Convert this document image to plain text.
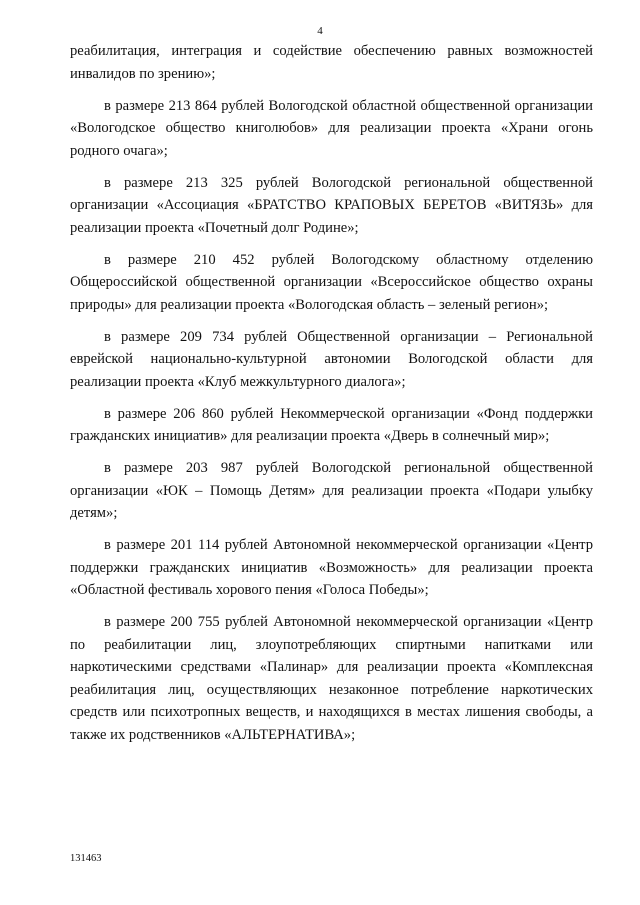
4

реабилитация, интеграция и содействие обеспечению равных возможностей инвалидов по зрению»;

в размере 213 864 рублей Вологодской областной общественной организации «Вологодское общество книголюбов» для реализации проекта «Храни огонь родного очага»;

в размере 213 325 рублей Вологодской региональной общественной организации «Ассоциация «БРАТСТВО КРАПОВЫХ БЕРЕТОВ «ВИТЯЗЬ» для реализации проекта «Почетный долг Родине»;

в размере 210 452 рублей Вологодскому областному отделению Общероссийской общественной организации «Всероссийское общество охраны природы» для реализации проекта «Вологодская область – зеленый регион»;

в размере 209 734 рублей Общественной организации – Региональной еврейской национально-культурной автономии Вологодской области для реализации проекта «Клуб межкультурного диалога»;

в размере 206 860 рублей Некоммерческой организации «Фонд поддержки гражданских инициатив» для реализации проекта «Дверь в солнечный мир»;

в размере 203 987 рублей Вологодской региональной общественной организации «ЮК – Помощь Детям» для реализации проекта «Подари улыбку детям»;

в размере 201 114 рублей Автономной некоммерческой организации «Центр поддержки гражданских инициатив «Возможность» для реализации проекта «Областной фестиваль хорового пения «Голоса Победы»;

в размере 200 755 рублей Автономной некоммерческой организации «Центр по реабилитации лиц, злоупотребляющих спиртными напитками или наркотическими средствами «Палинар» для реализации проекта «Комплексная реабилитация лиц, осуществляющих незаконное потребление наркотических средств или психотропных веществ, и находящихся в местах лишения свободы, а также их родственников «АЛЬТЕРНАТИВА»;

131463
